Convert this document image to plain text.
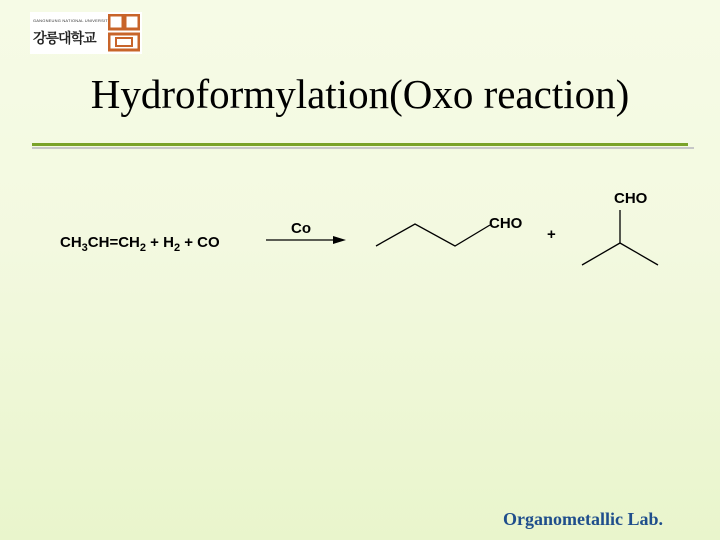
GANGNEUNG NATIONAL UNIVERSITY
강릉대학교
Hydroformylation(Oxo reaction)
$CH_3CH=CH_2 + H_2$ + CO
Co	CHO
+
CHO
Organometallic Lab.
